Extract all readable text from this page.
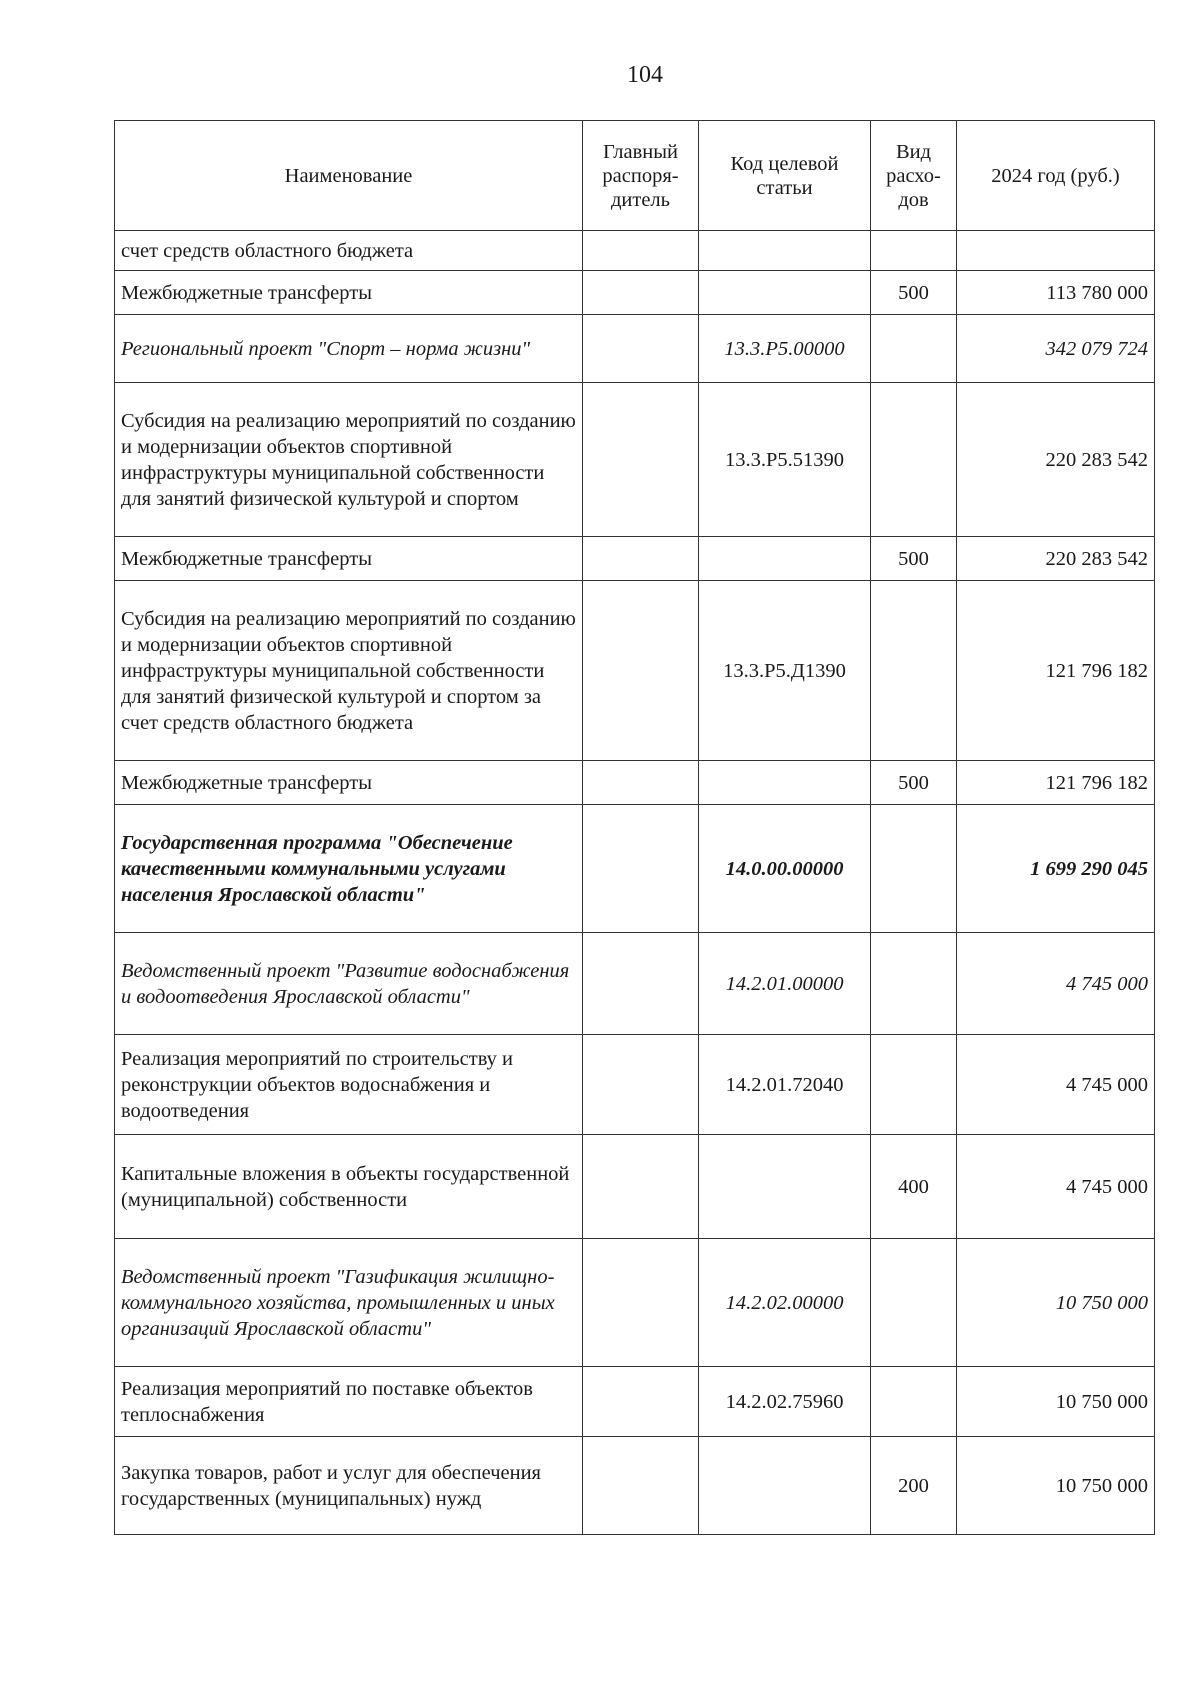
104
Наименование	Главный распоря-дитель	Код целевой статьи	Вид расхо-дов	2024 год (руб.)
счет средств областного бюджета				
Межбюджетные трансферты			500	113 780 000
Региональный проект "Спорт – норма жизни"		13.3.Р5.00000		342 079 724
Субсидия на реализацию мероприятий по созданию и модернизации объектов спортивной инфраструктуры муниципальной собственности для занятий физической культурой и спортом		13.3.Р5.51390		220 283 542
Межбюджетные трансферты			500	220 283 542
Субсидия на реализацию мероприятий по созданию и модернизации объектов спортивной инфраструктуры муниципальной собственности для занятий физической культурой и спортом за счет средств областного бюджета		13.3.Р5.Д1390		121 796 182
Межбюджетные трансферты			500	121 796 182
Государственная программа "Обеспечение качественными коммунальными услугами населения Ярославской области"		14.0.00.00000		1 699 290 045
Ведомственный проект "Развитие водоснабжения и водоотведения Ярославской области"		14.2.01.00000		4 745 000
Реализация мероприятий по строительству и реконструкции объектов водоснабжения и водоотведения		14.2.01.72040		4 745 000
Капитальные вложения в объекты государственной (муниципальной) собственности			400	4 745 000
Ведомственный проект "Газификация жилищно-коммунального хозяйства, промышленных и иных организаций Ярославской области"		14.2.02.00000		10 750 000
Реализация мероприятий по поставке объектов теплоснабжения		14.2.02.75960		10 750 000
Закупка товаров, работ и услуг для обеспечения государственных (муниципальных) нужд			200	10 750 000
